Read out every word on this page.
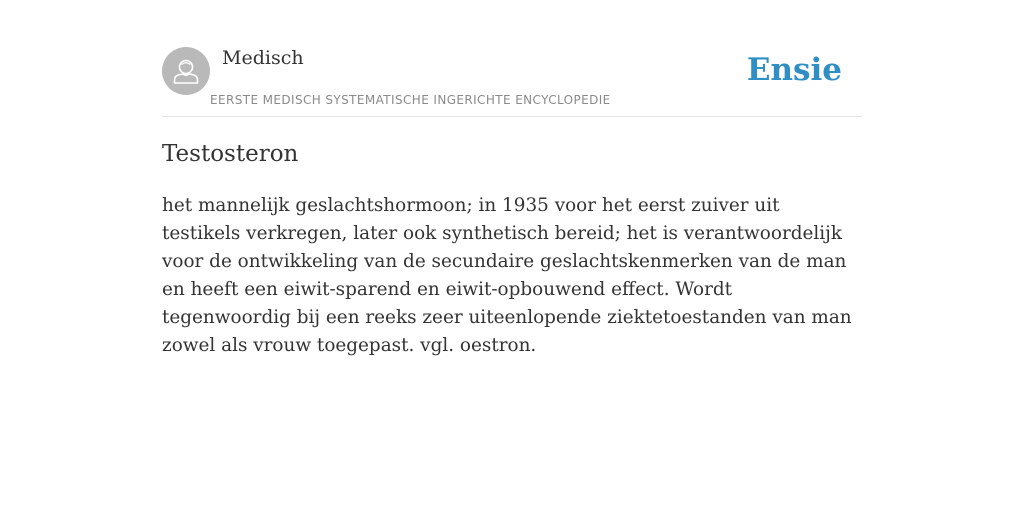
Medisch
EERSTE MEDISCH SYSTEMATISCHE INGERICHTE ENCYCLOPEDIE
Ensie
Testosteron

het mannelijk geslachtshormoon; in 1935 voor het eerst zuiver uit testikels verkregen, later ook synthetisch bereid; het is verantwoordelijk voor de ontwikkeling van de secundaire geslachtskenmerken van de man en heeft een eiwit-sparend en eiwit-opbouwend effect. Wordt tegenwoordig bij een reeks zeer uiteenlopende ziektetoestanden van man zowel als vrouw toegepast. vgl. oestron.
